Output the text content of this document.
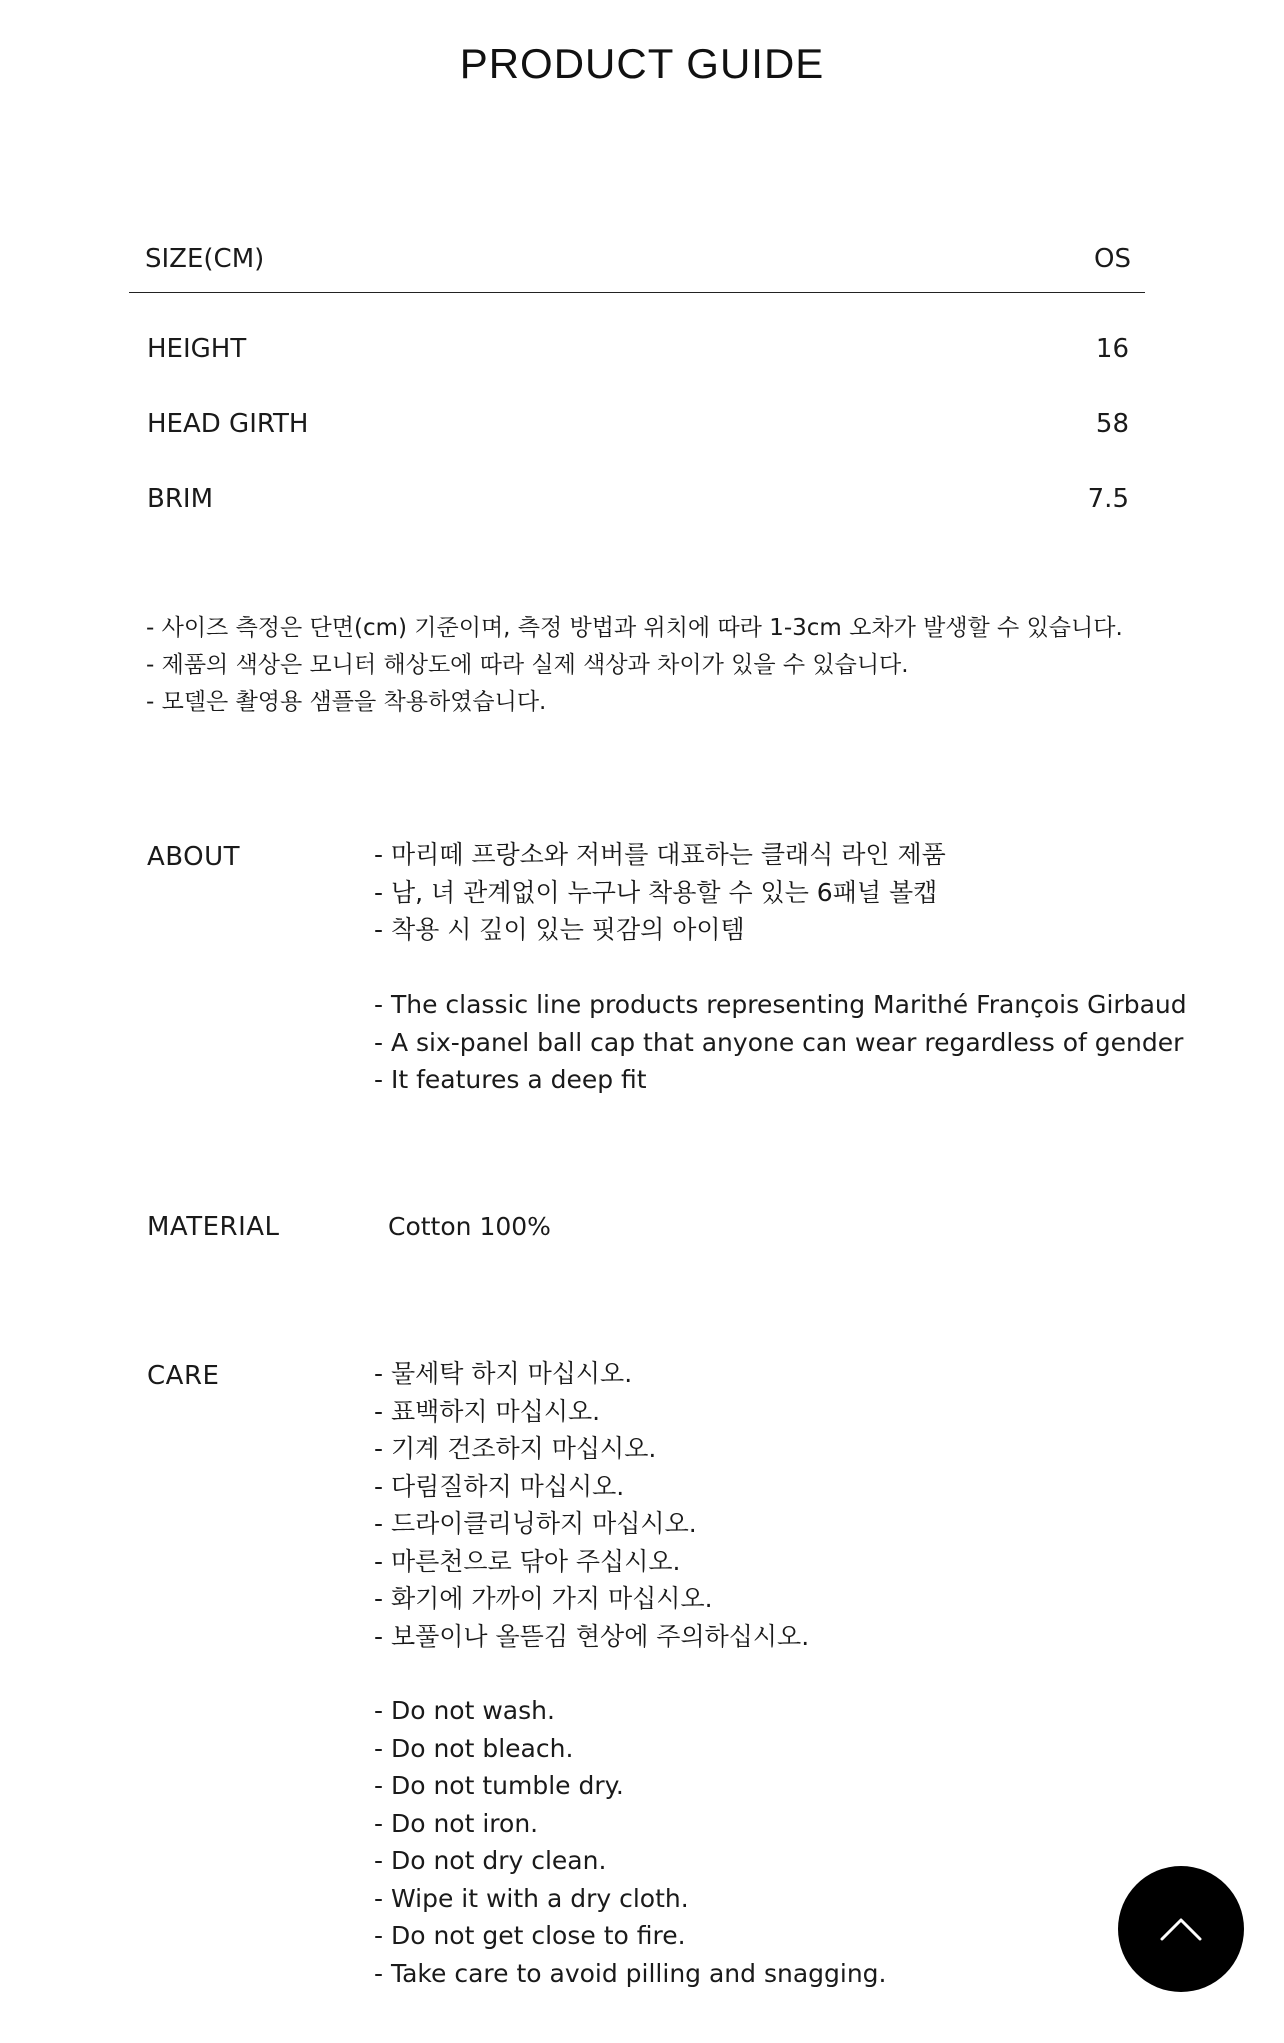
PRODUCT GUIDE
SIZE(CM)	OS
HEIGHT	16
HEAD GIRTH	58
BRIM	7.5
- 사이즈 측정은 단면(cm) 기준이며, 측정 방법과 위치에 따라 1-3cm 오차가 발생할 수 있습니다.
- 제품의 색상은 모니터 해상도에 따라 실제 색상과 차이가 있을 수 있습니다.
- 모델은 촬영용 샘플을 착용하였습니다.
ABOUT	- 마리떼 프랑소와 저버를 대표하는 클래식 라인 제품
- 남, 녀 관계없이 누구나 착용할 수 있는 6패널 볼캡
- 착용 시 깊이 있는 핏감의 아이템
- The classic line products representing Marithé François Girbaud
- A six-panel ball cap that anyone can wear regardless of gender
- It features a deep fit
MATERIAL	Cotton 100%
CARE	- 물세탁 하지 마십시오.
- 표백하지 마십시오.
- 기계 건조하지 마십시오.
- 다림질하지 마십시오.
- 드라이클리닝하지 마십시오.
- 마른천으로 닦아 주십시오.
- 화기에 가까이 가지 마십시오.
- 보풀이나 올뜯김 현상에 주의하십시오.
- Do not wash.
- Do not bleach.
- Do not tumble dry.
- Do not iron.
- Do not dry clean.
- Wipe it with a dry cloth.
- Do not get close to fire.
- Take care to avoid pilling and snagging.
